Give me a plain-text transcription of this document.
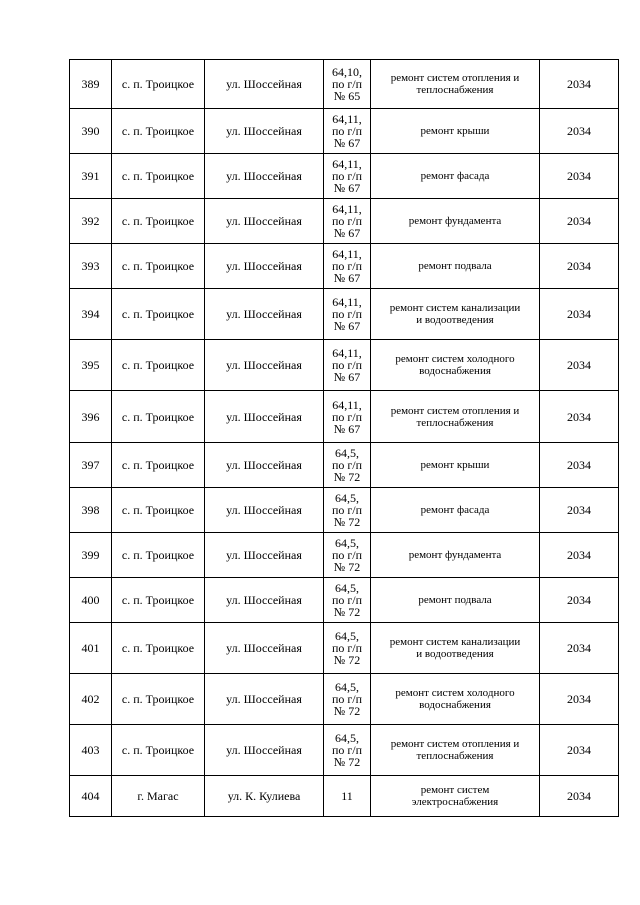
389	с. п. Троицкое	ул. Шоссейная	64,10,
по г/п
№ 65	ремонт систем отопления и
теплоснабжения	2034
390	с. п. Троицкое	ул. Шоссейная	64,11,
по г/п
№ 67	ремонт крыши	2034
391	с. п. Троицкое	ул. Шоссейная	64,11,
по г/п
№ 67	ремонт фасада	2034
392	с. п. Троицкое	ул. Шоссейная	64,11,
по г/п
№ 67	ремонт фундамента	2034
393	с. п. Троицкое	ул. Шоссейная	64,11,
по г/п
№ 67	ремонт подвала	2034
394	с. п. Троицкое	ул. Шоссейная	64,11,
по г/п
№ 67	ремонт систем канализации
и водоотведения	2034
395	с. п. Троицкое	ул. Шоссейная	64,11,
по г/п
№ 67	ремонт систем холодного
водоснабжения	2034
396	с. п. Троицкое	ул. Шоссейная	64,11,
по г/п
№ 67	ремонт систем отопления и
теплоснабжения	2034
397	с. п. Троицкое	ул. Шоссейная	64,5,
по г/п
№ 72	ремонт крыши	2034
398	с. п. Троицкое	ул. Шоссейная	64,5,
по г/п
№ 72	ремонт фасада	2034
399	с. п. Троицкое	ул. Шоссейная	64,5,
по г/п
№ 72	ремонт фундамента	2034
400	с. п. Троицкое	ул. Шоссейная	64,5,
по г/п
№ 72	ремонт подвала	2034
401	с. п. Троицкое	ул. Шоссейная	64,5,
по г/п
№ 72	ремонт систем канализации
и водоотведения	2034
402	с. п. Троицкое	ул. Шоссейная	64,5,
по г/п
№ 72	ремонт систем холодного
водоснабжения	2034
403	с. п. Троицкое	ул. Шоссейная	64,5,
по г/п
№ 72	ремонт систем отопления и
теплоснабжения	2034
404	г. Магас	ул. К. Кулиева	11	ремонт систем
электроснабжения	2034
